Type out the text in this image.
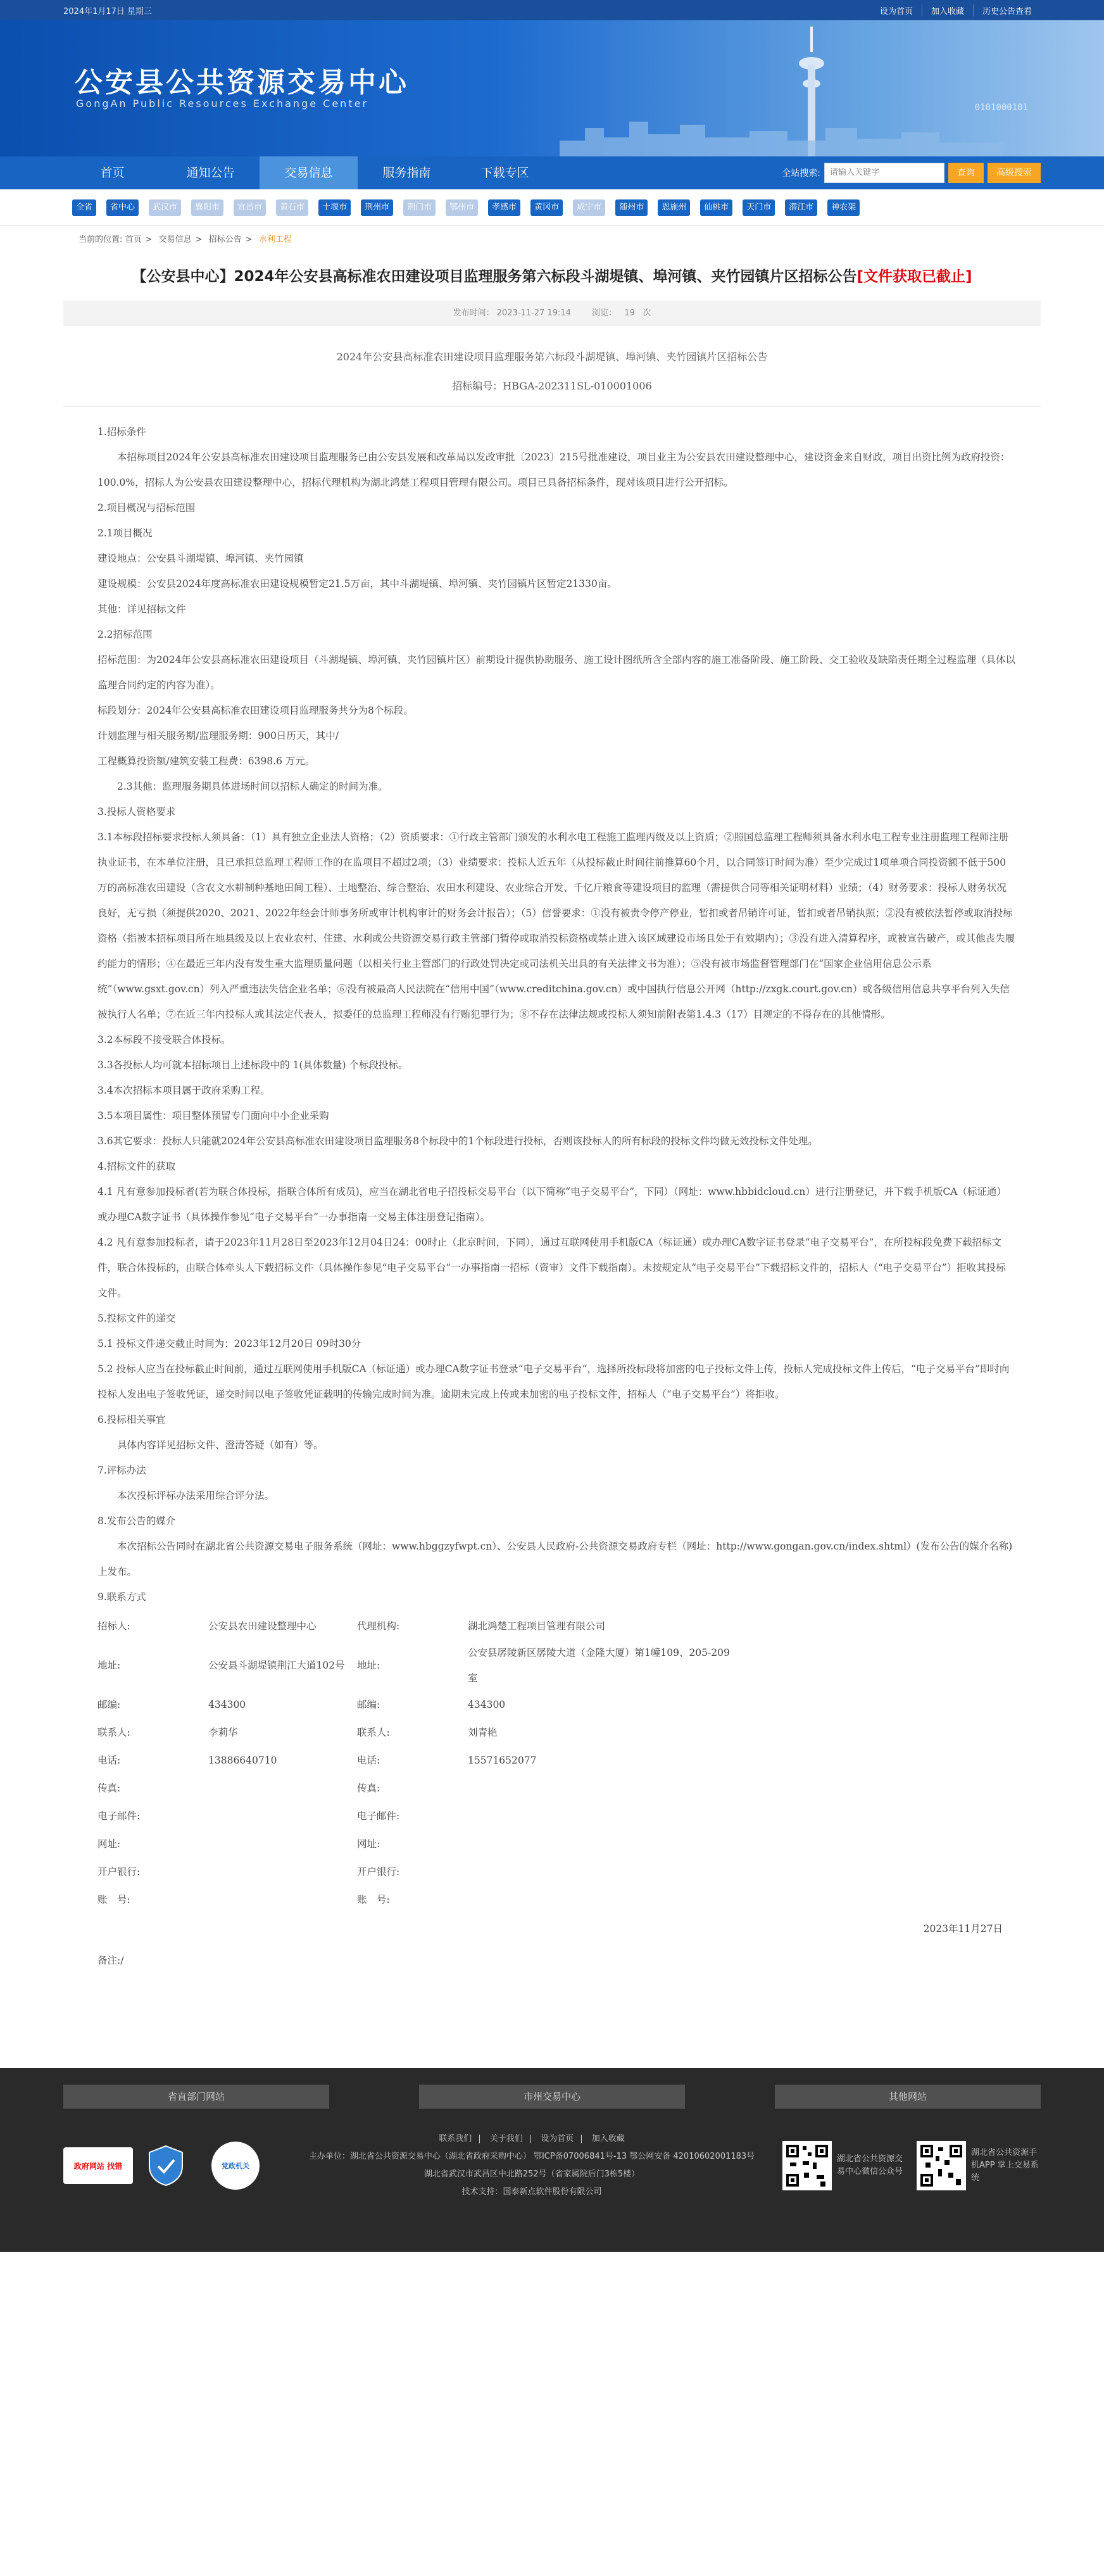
2024年1月17日 星期三	设为首页	加入收藏	历史公告查看
公安县公共资源交易中心
GongAn Public Resources Exchange Center	0101000101
首页	通知公告	交易信息	服务指南	下载专区	全站搜索:	请输入关键字	查询	高级搜索
全省	省中心	武汉市	襄阳市	宜昌市	黄石市	十堰市	荆州市	荆门市	鄂州市	孝感市	黄冈市	咸宁市	随州市	恩施州	仙桃市	天门市	潜江市	神农架
当前的位置: 首页 > 交易信息 > 招标公告 > 水利工程
【公安县中心】2024年公安县高标准农田建设项目监理服务第六标段斗湖堤镇、埠河镇、夹竹园镇片区招标公告[文件获取已截止]
发布时间： 2023-11-27 19:14	浏览： 19 次
2024年公安县高标准农田建设项目监理服务第六标段斗湖堤镇、埠河镇、夹竹园镇片区招标公告
招标编号：HBGA-202311SL-010001006

1.招标条件

本招标项目2024年公安县高标准农田建设项目监理服务已由公安县发展和改革局以发改审批〔2023〕215号批准建设，项目业主为公安县农田建设整理中心，建设资金来自财政，项目出资比例为政府投资：100.0%，招标人为公安县农田建设整理中心，招标代理机构为湖北鸿楚工程项目管理有限公司。项目已具备招标条件，现对该项目进行公开招标。

2.项目概况与招标范围

2.1项目概况

建设地点：公安县斗湖堤镇、埠河镇、夹竹园镇

建设规模：公安县2024年度高标准农田建设规模暂定21.5万亩，其中斗湖堤镇、埠河镇、夹竹园镇片区暂定21330亩。

其他：详见招标文件

2.2招标范围

招标范围：为2024年公安县高标准农田建设项目（斗湖堤镇、埠河镇、夹竹园镇片区）前期设计提供协助服务、施工设计图纸所含全部内容的施工准备阶段、施工阶段、交工验收及缺陷责任期全过程监理（具体以监理合同约定的内容为准）。

标段划分：2024年公安县高标准农田建设项目监理服务共分为8个标段。

计划监理与相关服务期/监理服务期：900日历天，其中/

工程概算投资额/建筑安装工程费：6398.6 万元。

2.3其他：监理服务期具体进场时间以招标人确定的时间为准。

3.投标人资格要求

3.1本标段招标要求投标人须具备：（1）具有独立企业法人资格；（2）资质要求：①行政主管部门颁发的水利水电工程施工监理丙级及以上资质；②照国总监理工程师须具备水利水电工程专业注册监理工程师注册执业证书，在本单位注册，且已承担总监理工程师工作的在监项目不超过2项；（3）业绩要求：投标人近五年（从投标截止时间往前推算60个月，以合同签订时间为准）至少完成过1项单项合同投资额不低于500万的高标准农田建设（含农文水耕制种基地田间工程）、土地整治、综合整治、农田水利建设、农业综合开发、千亿斤粮食等建设项目的监理（需提供合同等相关证明材料）业绩；（4）财务要求：投标人财务状况良好，无亏损（须提供2020、2021、2022年经会计师事务所或审计机构审计的财务会计报告）；（5）信誉要求：①没有被责令停产停业，暂扣或者吊销许可证，暂扣或者吊销执照；②没有被依法暂停或取消投标资格（指被本招标项目所在地县级及以上农业农村、住建、水利或公共资源交易行政主管部门暂停或取消投标资格或禁止进入该区域建设市场且处于有效期内）；③没有进入清算程序，或被宣告破产，或其他丧失履约能力的情形；④在最近三年内没有发生重大监理质量问题（以相关行业主管部门的行政处罚决定或司法机关出具的有关法律文书为准）；⑤没有被市场监督管理部门在“国家企业信用信息公示系统”（www.gsxt.gov.cn）列入严重违法失信企业名单；⑥没有被最高人民法院在“信用中国”（www.creditchina.gov.cn）或中国执行信息公开网（http://zxgk.court.gov.cn）或各级信用信息共享平台列入失信被执行人名单；⑦在近三年内投标人或其法定代表人，拟委任的总监理工程师没有行贿犯罪行为；⑧不存在法律法规或投标人须知前附表第1.4.3（17）目规定的不得存在的其他情形。

3.2本标段不接受联合体投标。

3.3各投标人均可就本招标项目上述标段中的 1(具体数量) 个标段投标。

3.4本次招标本项目属于政府采购工程。

3.5本项目属性：项目整体预留专门面向中小企业采购

3.6其它要求：投标人只能就2024年公安县高标准农田建设项目监理服务8个标段中的1个标段进行投标，否则该投标人的所有标段的投标文件均做无效投标文件处理。

4.招标文件的获取

4.1 凡有意参加投标者(若为联合体投标，指联合体所有成员)，应当在湖北省电子招投标交易平台（以下简称“电子交易平台”，下同）（网址：www.hbbidcloud.cn）进行注册登记，并下载手机版CA（标证通）或办理CA数字证书（具体操作参见“电子交易平台”一办事指南一交易主体注册登记指南）。

4.2 凡有意参加投标者，请于2023年11月28日至2023年12月04日24：00时止（北京时间，下同），通过互联网使用手机版CA（标证通）或办理CA数字证书登录“电子交易平台”，在所投标段免费下载招标文件，联合体投标的，由联合体牵头人下载招标文件（具体操作参见“电子交易平台”一办事指南一招标（资审）文件下载指南）。未按规定从“电子交易平台”下载招标文件的，招标人（“电子交易平台”）拒收其投标文件。

5.投标文件的递交

5.1 投标文件递交截止时间为：2023年12月20日 09时30分

5.2 投标人应当在投标截止时间前，通过互联网使用手机版CA（标证通）或办理CA数字证书登录“电子交易平台”，选择所投标段将加密的电子投标文件上传，投标人完成投标文件上传后，“电子交易平台”即时向投标人发出电子签收凭证，递交时间以电子签收凭证载明的传输完成时间为准。逾期未完成上传或未加密的电子投标文件，招标人（“电子交易平台”）将拒收。

6.投标相关事宜

具体内容详见招标文件、澄清答疑（如有）等。

7.评标办法

本次投标评标办法采用综合评分法。

8.发布公告的媒介

本次招标公告同时在湖北省公共资源交易电子服务系统（网址：www.hbggzyfwpt.cn）、公安县人民政府-公共资源交易政府专栏（网址：http://www.gongan.gov.cn/index.shtml）(发布公告的媒介名称)上发布。

9.联系方式

招标人:	公安县农田建设整理中心	代理机构:	湖北鸿楚工程项目管理有限公司
地址:	公安县斗湖堤镇荆江大道102号	地址:
公安县孱陵新区孱陵大道（金隆大厦）第1幢109、205-209室
邮编:	434300	邮编:	434300
联系人:	李莉华	联系人:	刘青艳
电话:	13886640710	电话:	15571652077
传真:	传真:
电子邮件:	电子邮件:
网址:	网址:
开户银行:	开户银行:
账　号:	账　号:
2023年11月27日
备注:/
省直部门网站	市州交易中心	其他网站
政府网站 找错	党政机关
联系我们 | 关于我们 | 设为首页 | 加入收藏
主办单位：湖北省公共资源交易中心（湖北省政府采购中心） 鄂ICP备07006841号-13 鄂公网安备 42010602001183号
湖北省武汉市武昌区中北路252号（省家属院后门3栋5楼）
技术支持：国泰新点软件股份有限公司
湖北省公共资源交易中心微信公众号
湖北省公共资源手机APP 掌上交易系统
